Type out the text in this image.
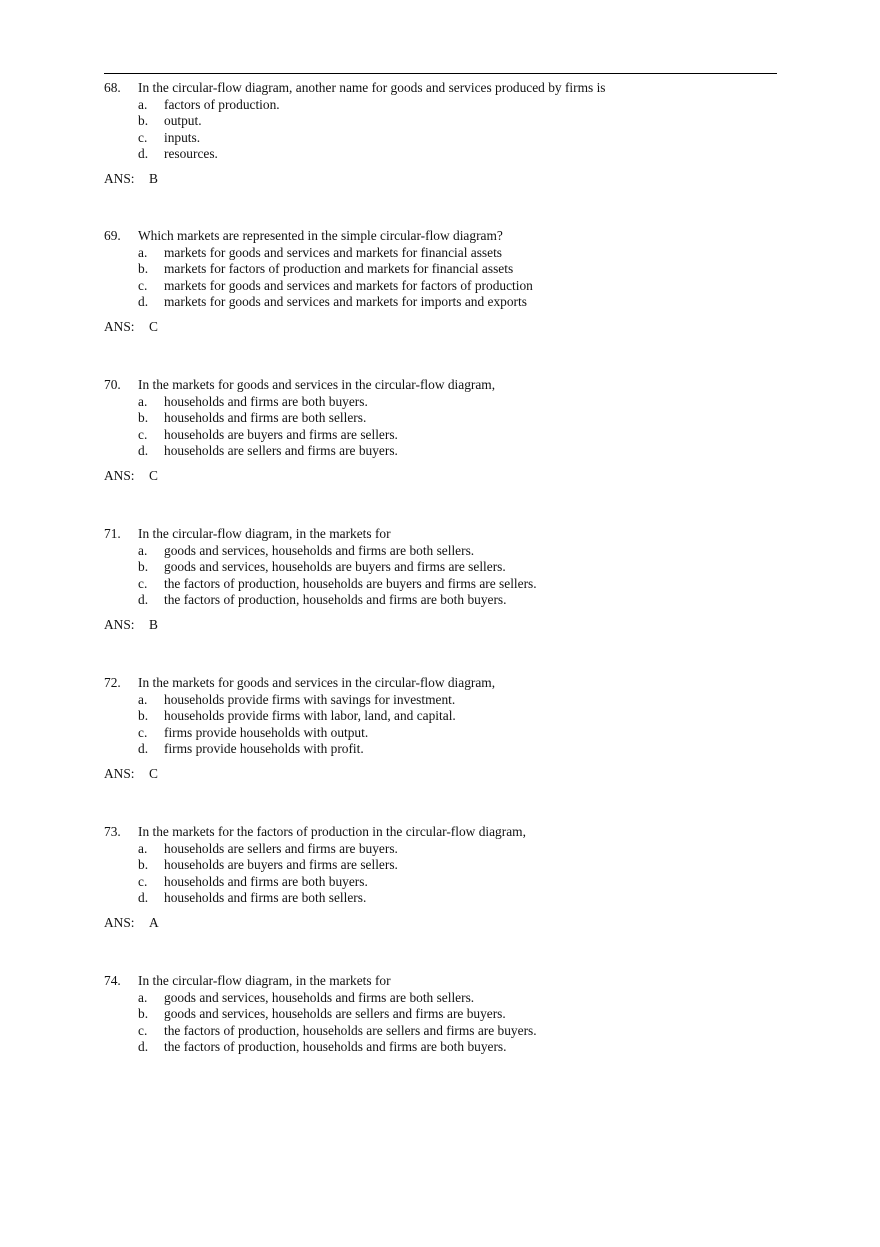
68. In the circular-flow diagram, another name for goods and services produced by firms is
a. factors of production.
b. output.
c. inputs.
d. resources.
ANS: B
69. Which markets are represented in the simple circular-flow diagram?
a. markets for goods and services and markets for financial assets
b. markets for factors of production and markets for financial assets
c. markets for goods and services and markets for factors of production
d. markets for goods and services and markets for imports and exports
ANS: C
70. In the markets for goods and services in the circular-flow diagram,
a. households and firms are both buyers.
b. households and firms are both sellers.
c. households are buyers and firms are sellers.
d. households are sellers and firms are buyers.
ANS: C
71. In the circular-flow diagram, in the markets for
a. goods and services, households and firms are both sellers.
b. goods and services, households are buyers and firms are sellers.
c. the factors of production, households are buyers and firms are sellers.
d. the factors of production, households and firms are both buyers.
ANS: B
72. In the markets for goods and services in the circular-flow diagram,
a. households provide firms with savings for investment.
b. households provide firms with labor, land, and capital.
c. firms provide households with output.
d. firms provide households with profit.
ANS: C
73. In the markets for the factors of production in the circular-flow diagram,
a. households are sellers and firms are buyers.
b. households are buyers and firms are sellers.
c. households and firms are both buyers.
d. households and firms are both sellers.
ANS: A
74. In the circular-flow diagram, in the markets for
a. goods and services, households and firms are both sellers.
b. goods and services, households are sellers and firms are buyers.
c. the factors of production, households are sellers and firms are buyers.
d. the factors of production, households and firms are both buyers.
